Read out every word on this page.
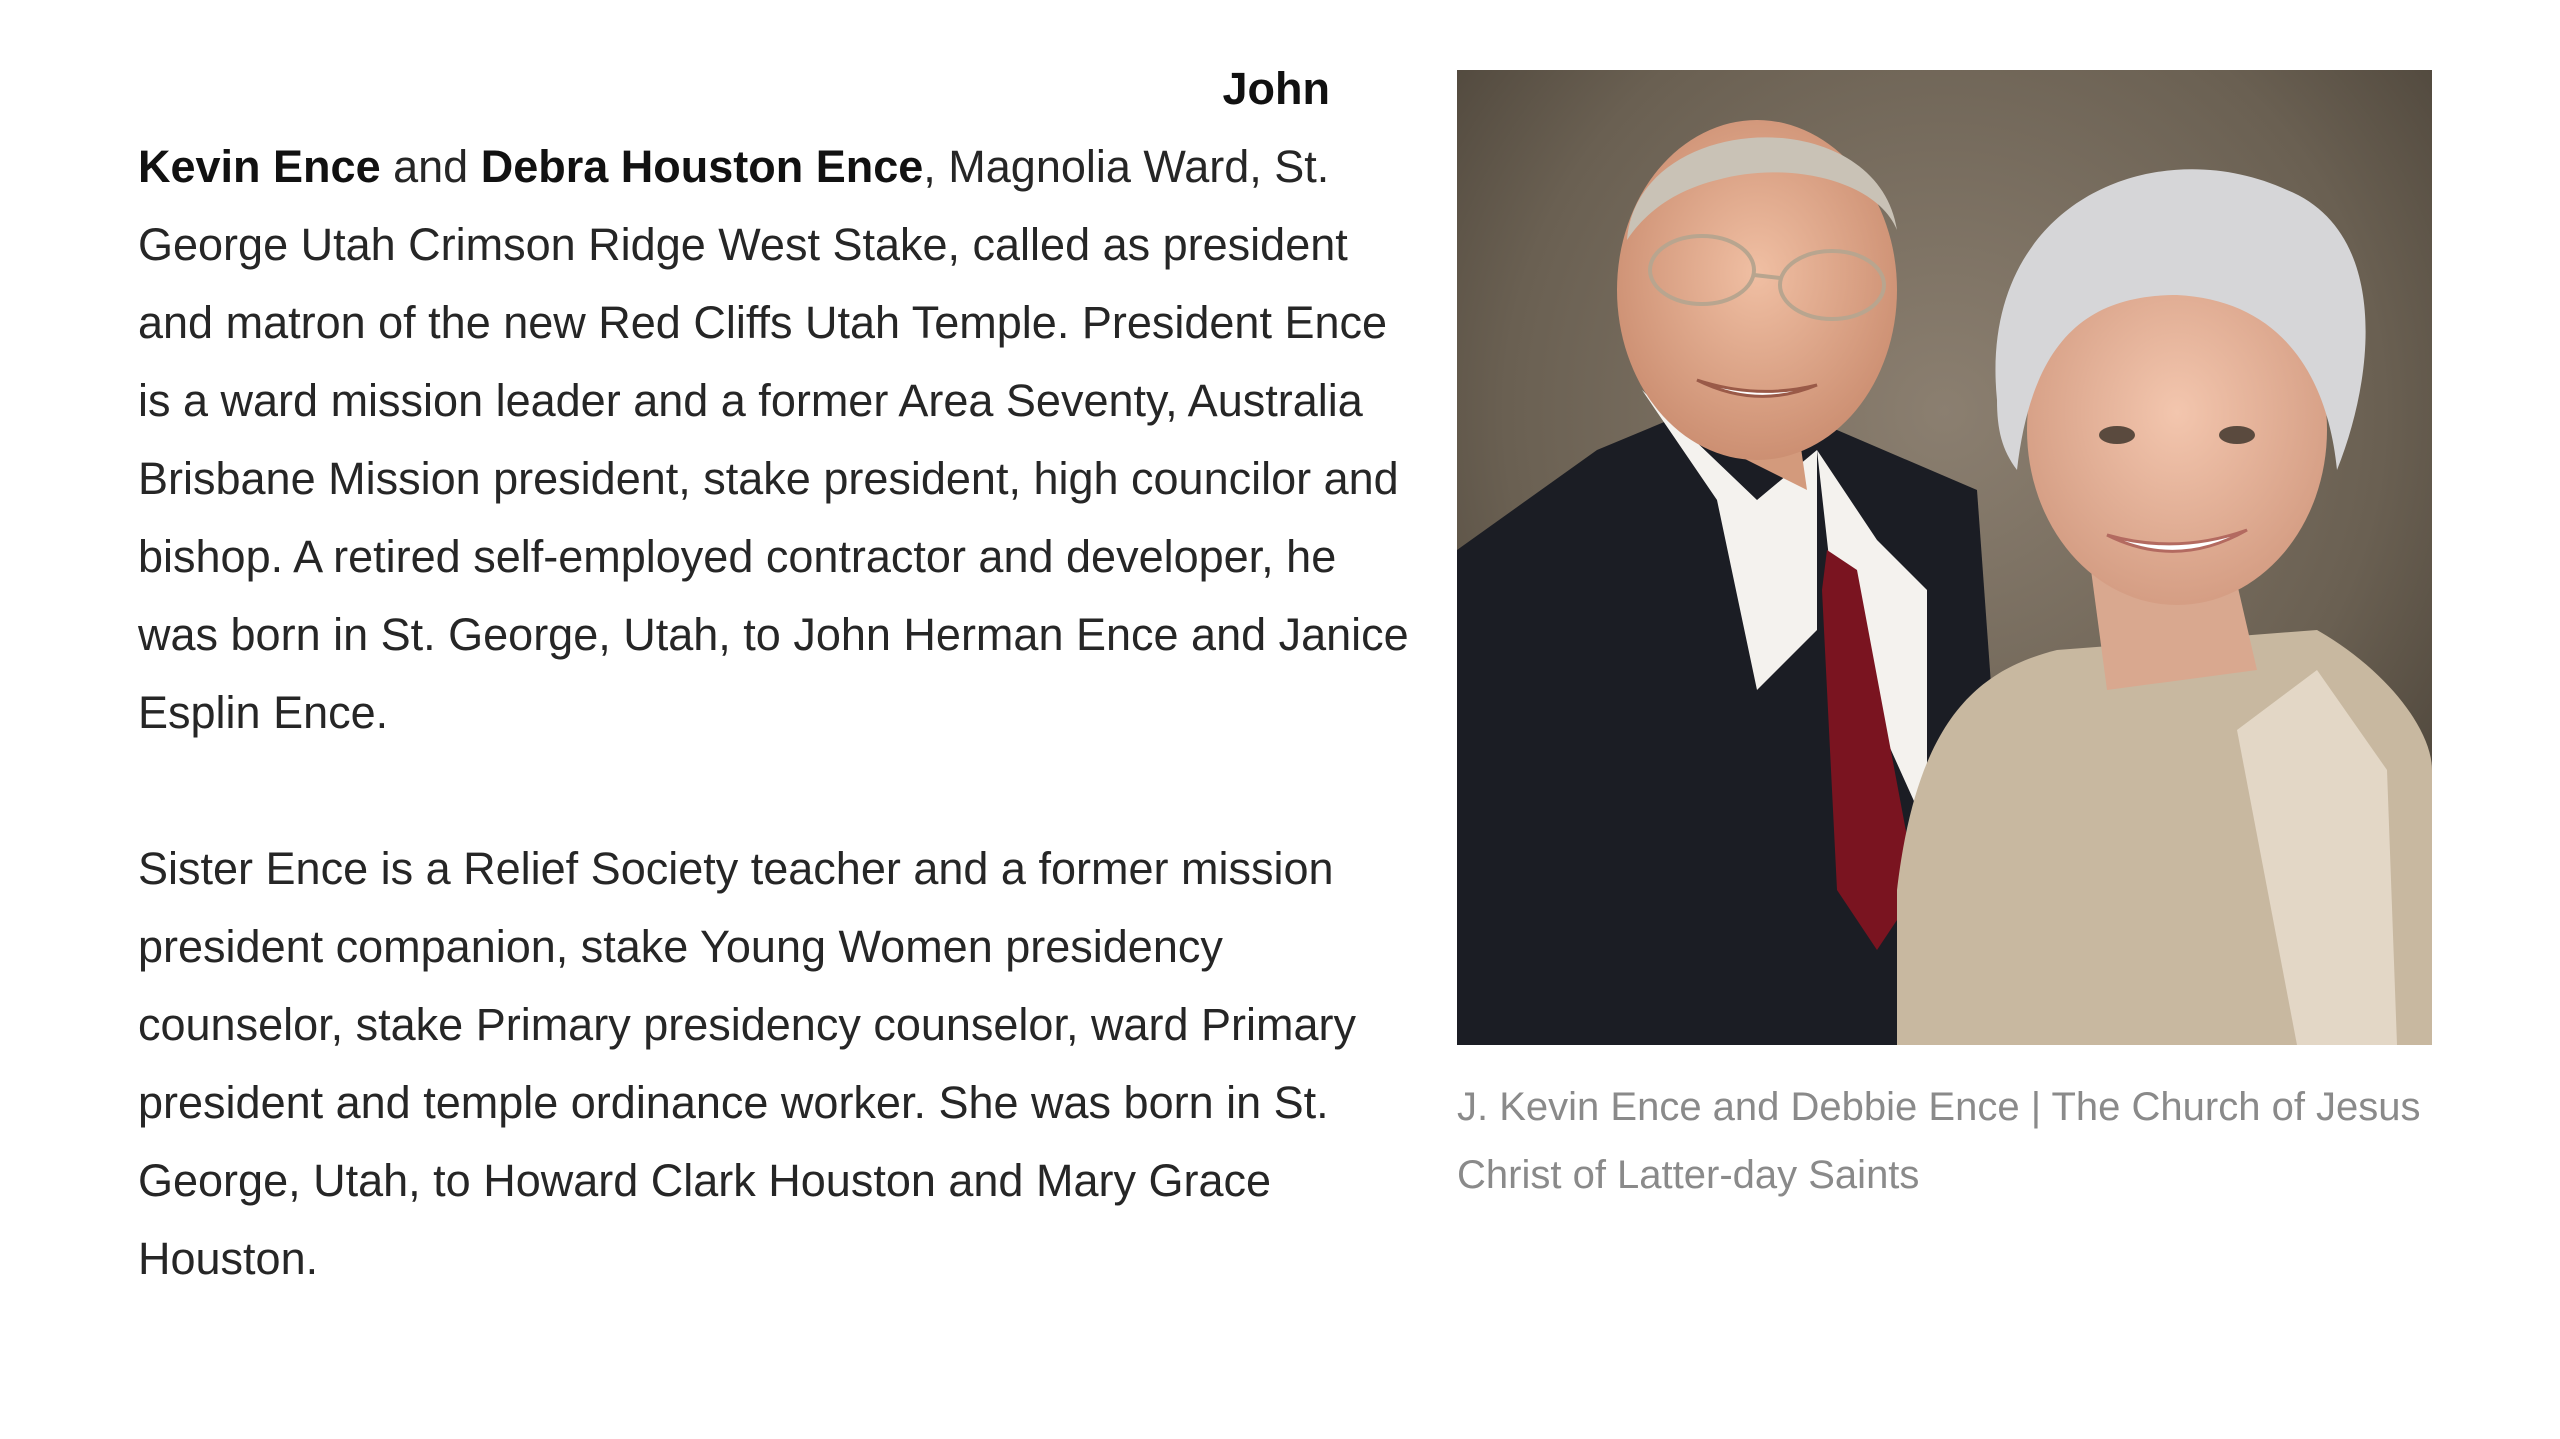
John

Kevin Ence and Debra Houston Ence, Magnolia Ward, St. George Utah Crimson Ridge West Stake, called as president and matron of the new Red Cliffs Utah Temple. President Ence is a ward mission leader and a former Area Seventy, Australia Brisbane Mission president, stake president, high councilor and bishop. A retired self-employed contractor and developer, he was born in St. George, Utah, to John Herman Ence and Janice Esplin Ence.

Sister Ence is a Relief Society teacher and a former mission president companion, stake Young Women presidency counselor, stake Primary presidency counselor, ward Primary president and temple ordinance worker. She was born in St. George, Utah, to Howard Clark Houston and Mary Grace Houston.

J. Kevin Ence and Debbie Ence | The Church of Jesus Christ of Latter-day Saints
